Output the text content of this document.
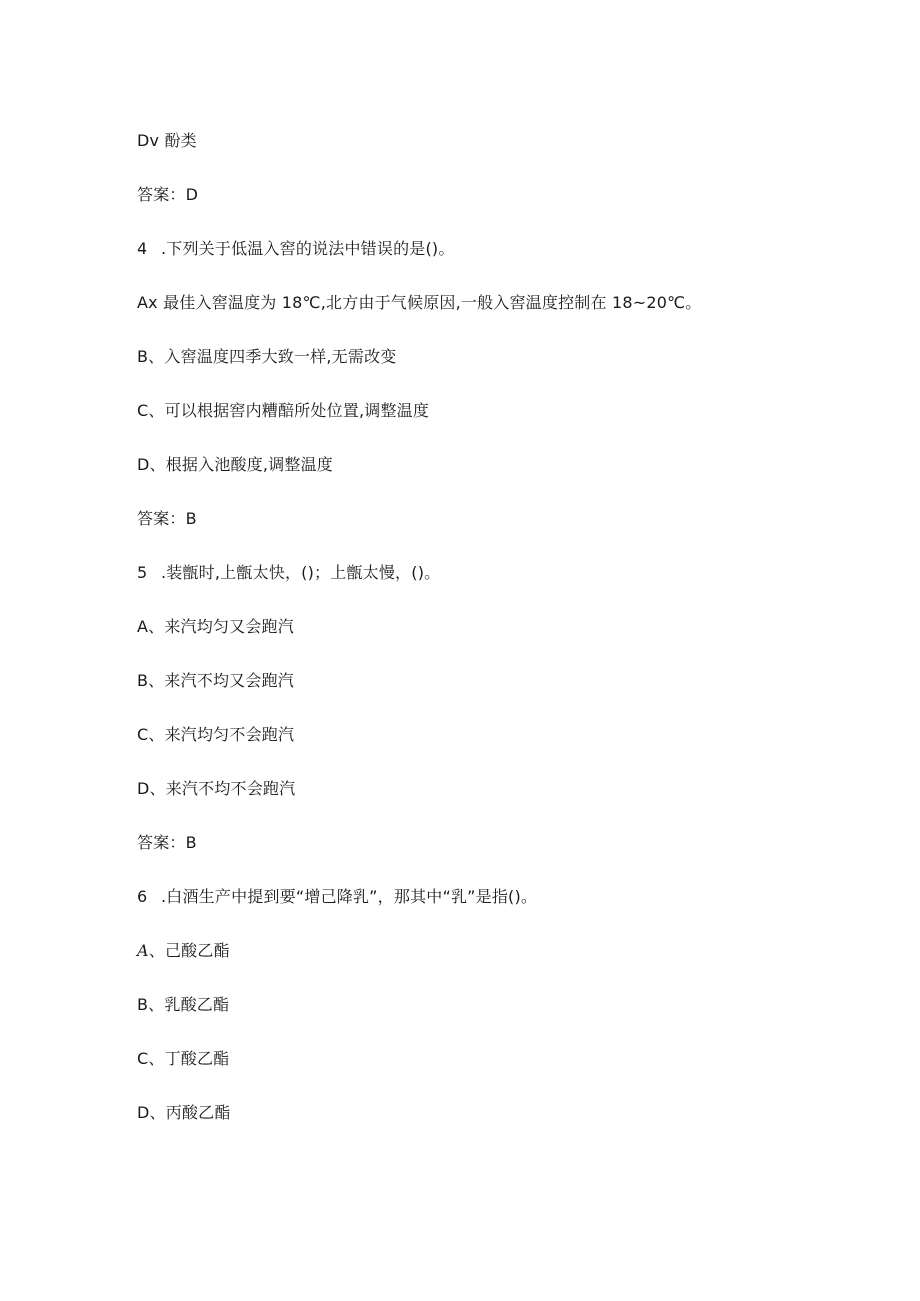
Dv 酚类
答案：D
4 .下列关于低温入窖的说法中错误的是()。
Ax 最佳入窖温度为 18℃,北方由于气候原因,一般入窖温度控制在 18~20℃。
B、入窖温度四季大致一样,无需改变
C、可以根据窖内糟醅所处位置,调整温度
D、根据入池酸度,调整温度
答案：B
5 .装甑时,上甑太快，()；上甑太慢，()。
A、来汽均匀又会跑汽
B、来汽不均又会跑汽
C、来汽均匀不会跑汽
D、来汽不均不会跑汽
答案：B
6 .白酒生产中提到要“增己降乳”，那其中“乳”是指()。
A、己酸乙酯
B、乳酸乙酯
C、丁酸乙酯
D、丙酸乙酯
